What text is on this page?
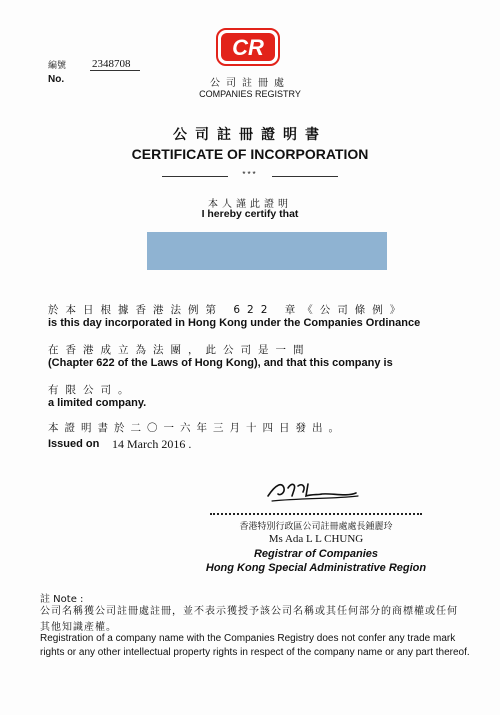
編號
No.
2348708
CR
公司註冊處
COMPANIES REGISTRY
公司註冊證明書
CERTIFICATE OF INCORPORATION
***
本人謹此證明
I hereby certify that
於本日根據香港法例第 622 章《公司條例》
is this day incorporated in Hong Kong under the Companies Ordinance
在香港成立為法團，此公司是一間
(Chapter 622 of the Laws of Hong Kong), and that this company is
有限公司。
a limited company.
本證明書於二〇一六年三月十四日發出。
Issued on 14 March 2016 .
香港特別行政區公司註冊處處長鍾麗玲
Ms Ada L L CHUNG
Registrar of Companies
Hong Kong Special Administrative Region
註 Note :
公司名稱獲公司註冊處註冊，並不表示獲授予該公司名稱或其任何部分的商標權或任何其他知識產權。
Registration of a company name with the Companies Registry does not confer any trade mark rights or any other intellectual property rights in respect of the company name or any part thereof.
